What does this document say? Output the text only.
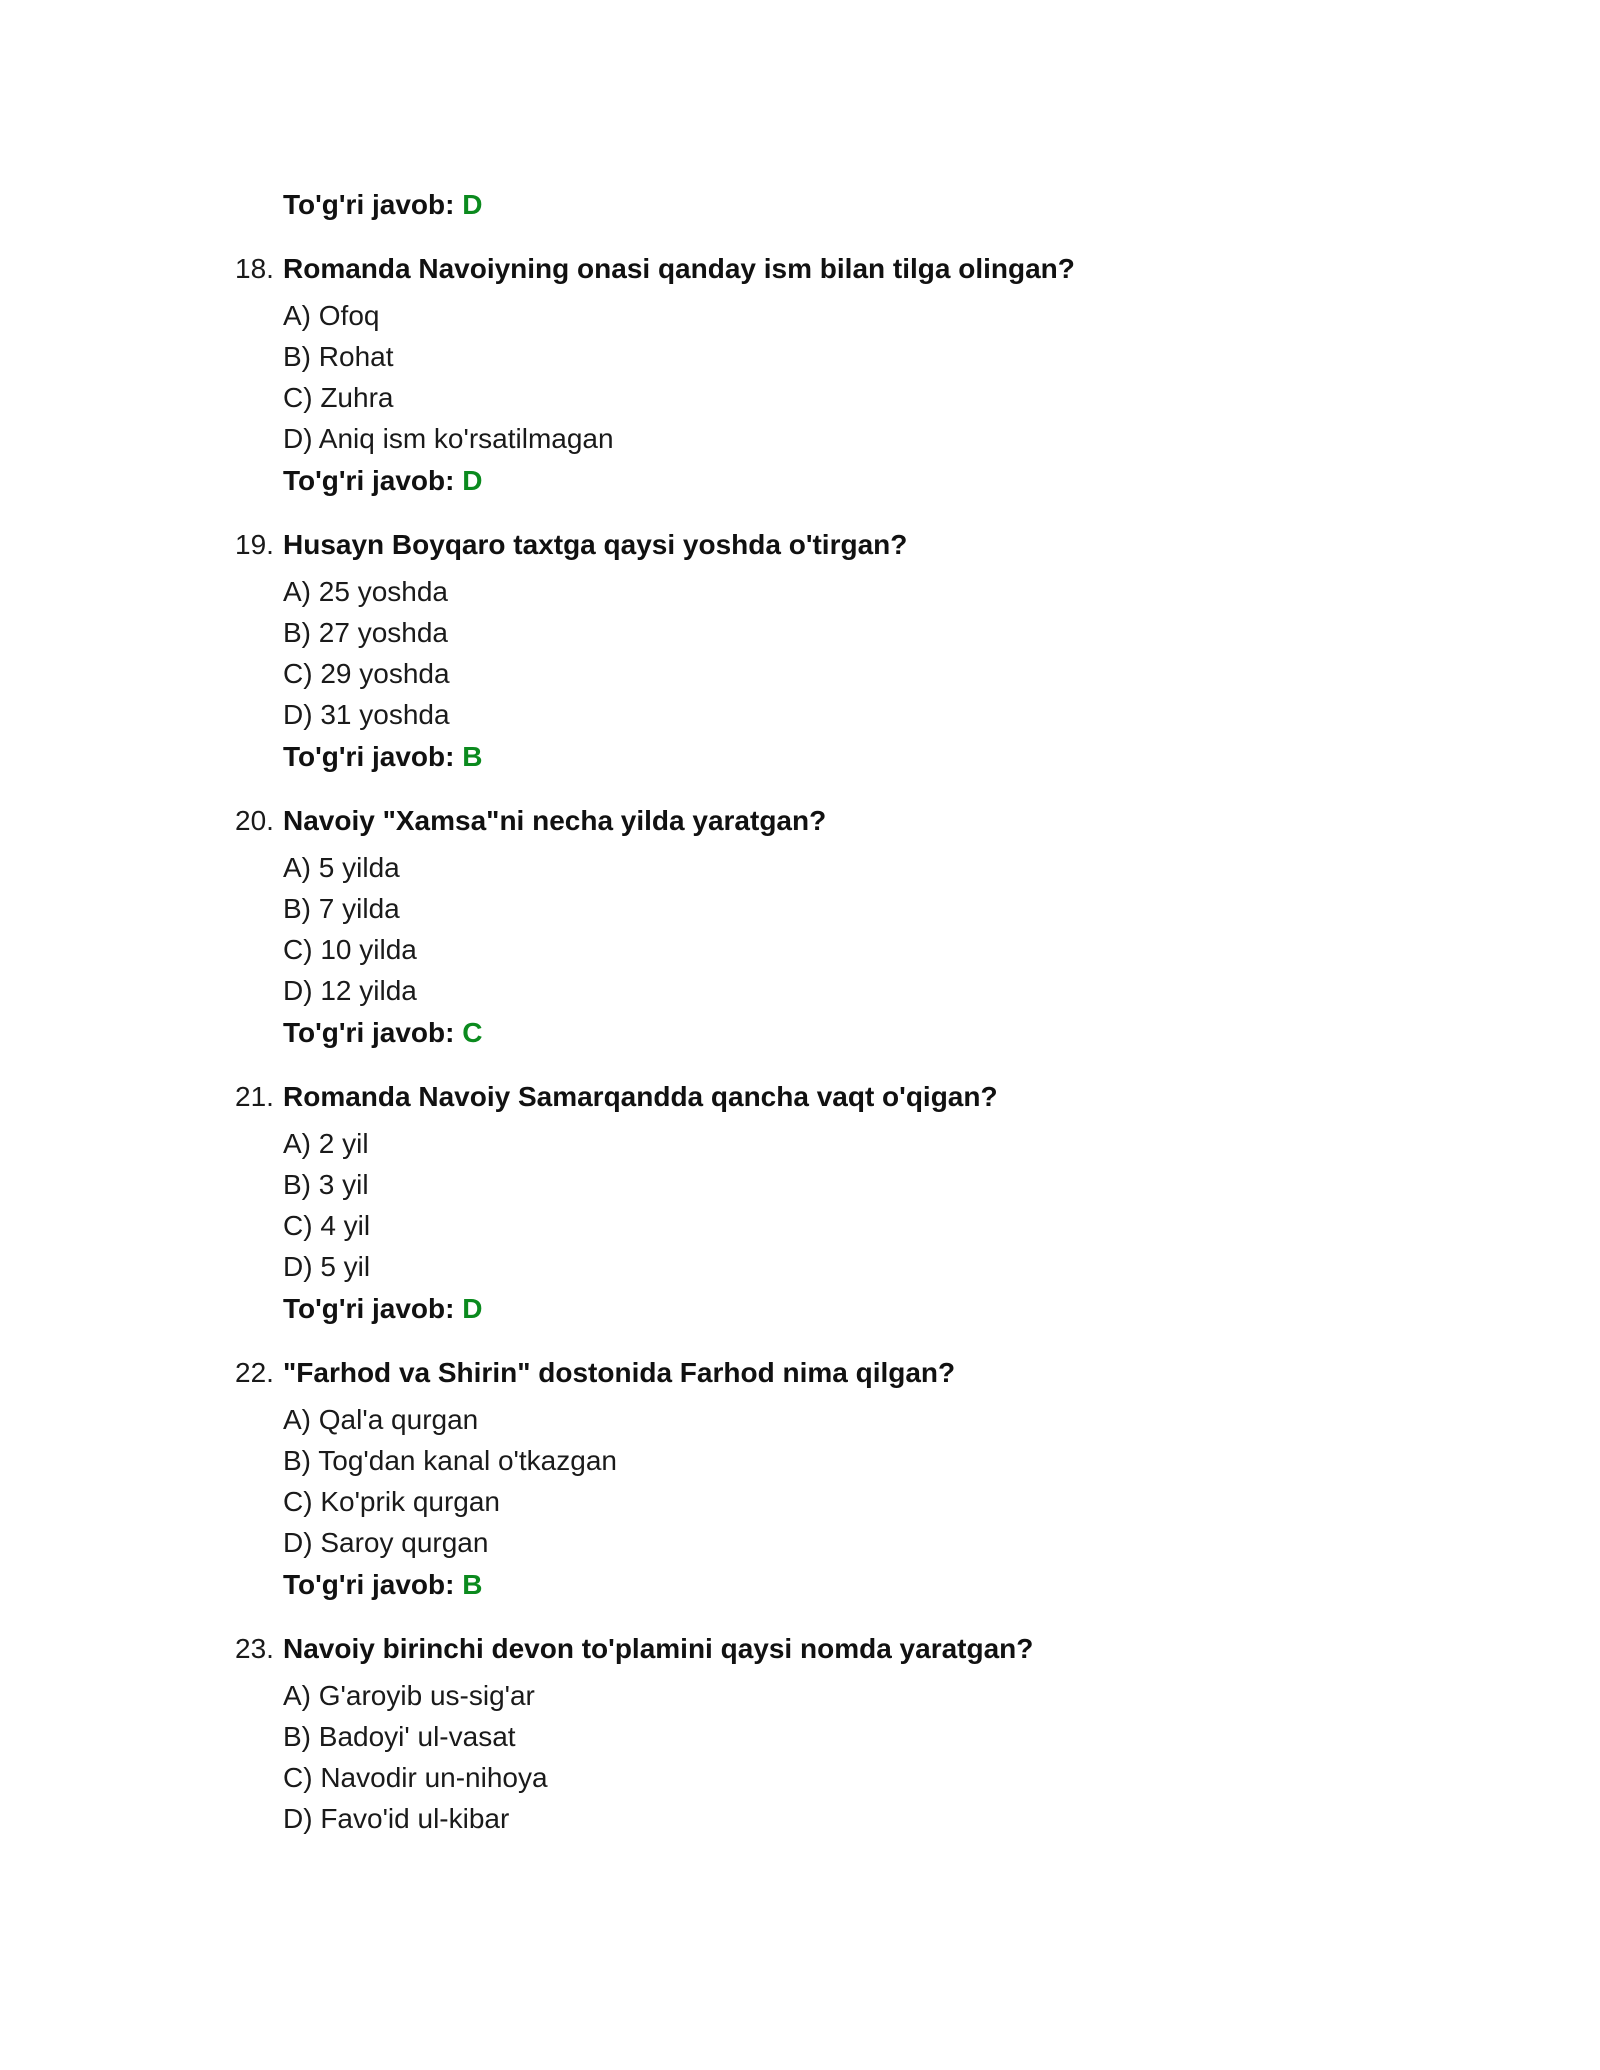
To'g'ri javob: D
18. Romanda Navoiyning onasi qanday ism bilan tilga olingan?
A) Ofoq
B) Rohat
C) Zuhra
D) Aniq ism ko'rsatilmagan
To'g'ri javob: D
19. Husayn Boyqaro taxtga qaysi yoshda o'tirgan?
A) 25 yoshda
B) 27 yoshda
C) 29 yoshda
D) 31 yoshda
To'g'ri javob: B
20. Navoiy "Xamsa"ni necha yilda yaratgan?
A) 5 yilda
B) 7 yilda
C) 10 yilda
D) 12 yilda
To'g'ri javob: C
21. Romanda Navoiy Samarqandda qancha vaqt o'qigan?
A) 2 yil
B) 3 yil
C) 4 yil
D) 5 yil
To'g'ri javob: D
22. "Farhod va Shirin" dostonida Farhod nima qilgan?
A) Qal'a qurgan
B) Tog'dan kanal o'tkazgan
C) Ko'prik qurgan
D) Saroy qurgan
To'g'ri javob: B
23. Navoiy birinchi devon to'plamini qaysi nomda yaratgan?
A) G'aroyib us-sig'ar
B) Badoyi' ul-vasat
C) Navodir un-nihoya
D) Favo'id ul-kibar
